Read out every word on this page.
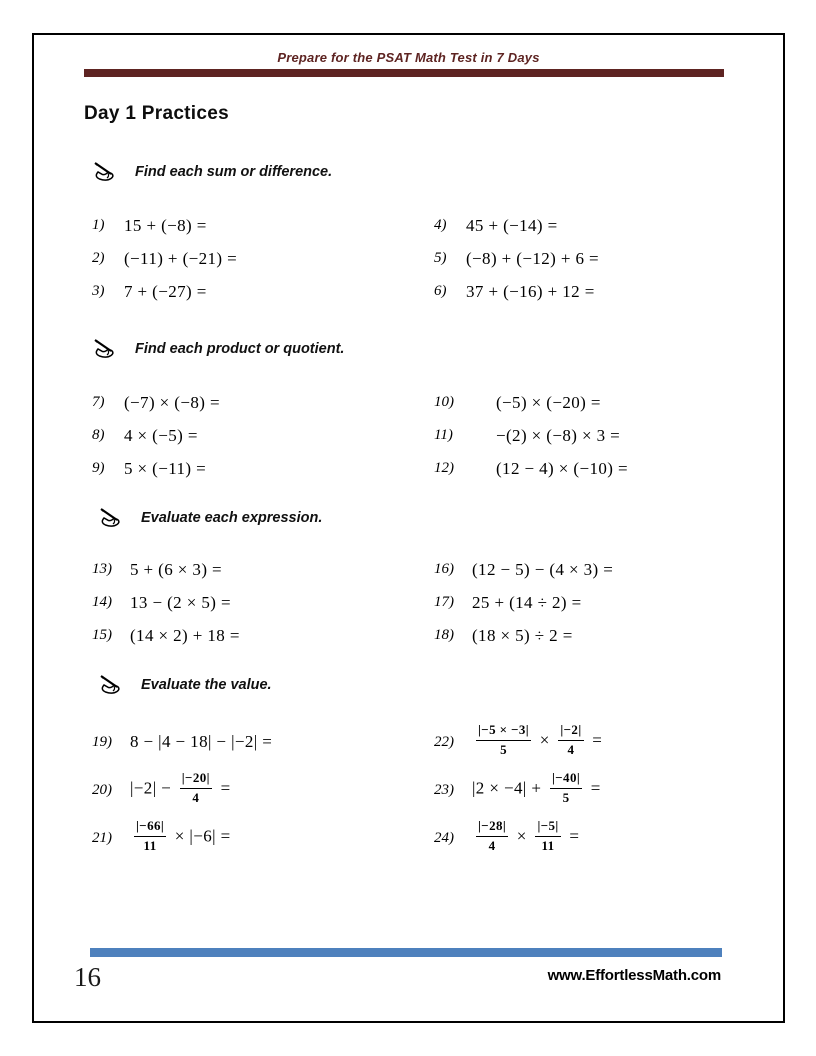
Prepare for the PSAT Math Test in 7 Days
Day 1 Practices
Find each sum or difference.
1)	15 + (−8) =
2)	(−11) + (−21) =
3)	7 + (−27) =
4)	45 + (−14) =
5)	(−8) + (−12) + 6 =
6)	37 + (−16) + 12 =
Find each product or quotient.
7)	(−7) × (−8) =
8)	4 × (−5) =
9)	5 × (−11) =
10)	(−5) × (−20) =
11)	−(2) × (−8) × 3 =
12)	(12 − 4) × (−10) =
Evaluate each expression.
13)	5 + (6 × 3) =
14)	13 − (2 × 5) =
15)	(14 × 2) + 18 =
16)	(12 − 5) − (4 × 3) =
17)	25 + (14 ÷ 2) =
18)	(18 × 5) ÷ 2 =
Evaluate the value.
19)	8 − |4 − 18| − |−2| =
20)	$|-2| - \frac{|-20|}{4}$ =
21)	$\frac{|-66|}{11} \times |-6|$ =
22)	$\frac{|-5 \times -3|}{5} \times \frac{|-2|}{4}$ =
23)	$|2 \times -4| + \frac{|-40|}{5}$ =
24)	$\frac{|-28|}{4} \times \frac{|-5|}{11}$ =
16	www.EffortlessMath.com
